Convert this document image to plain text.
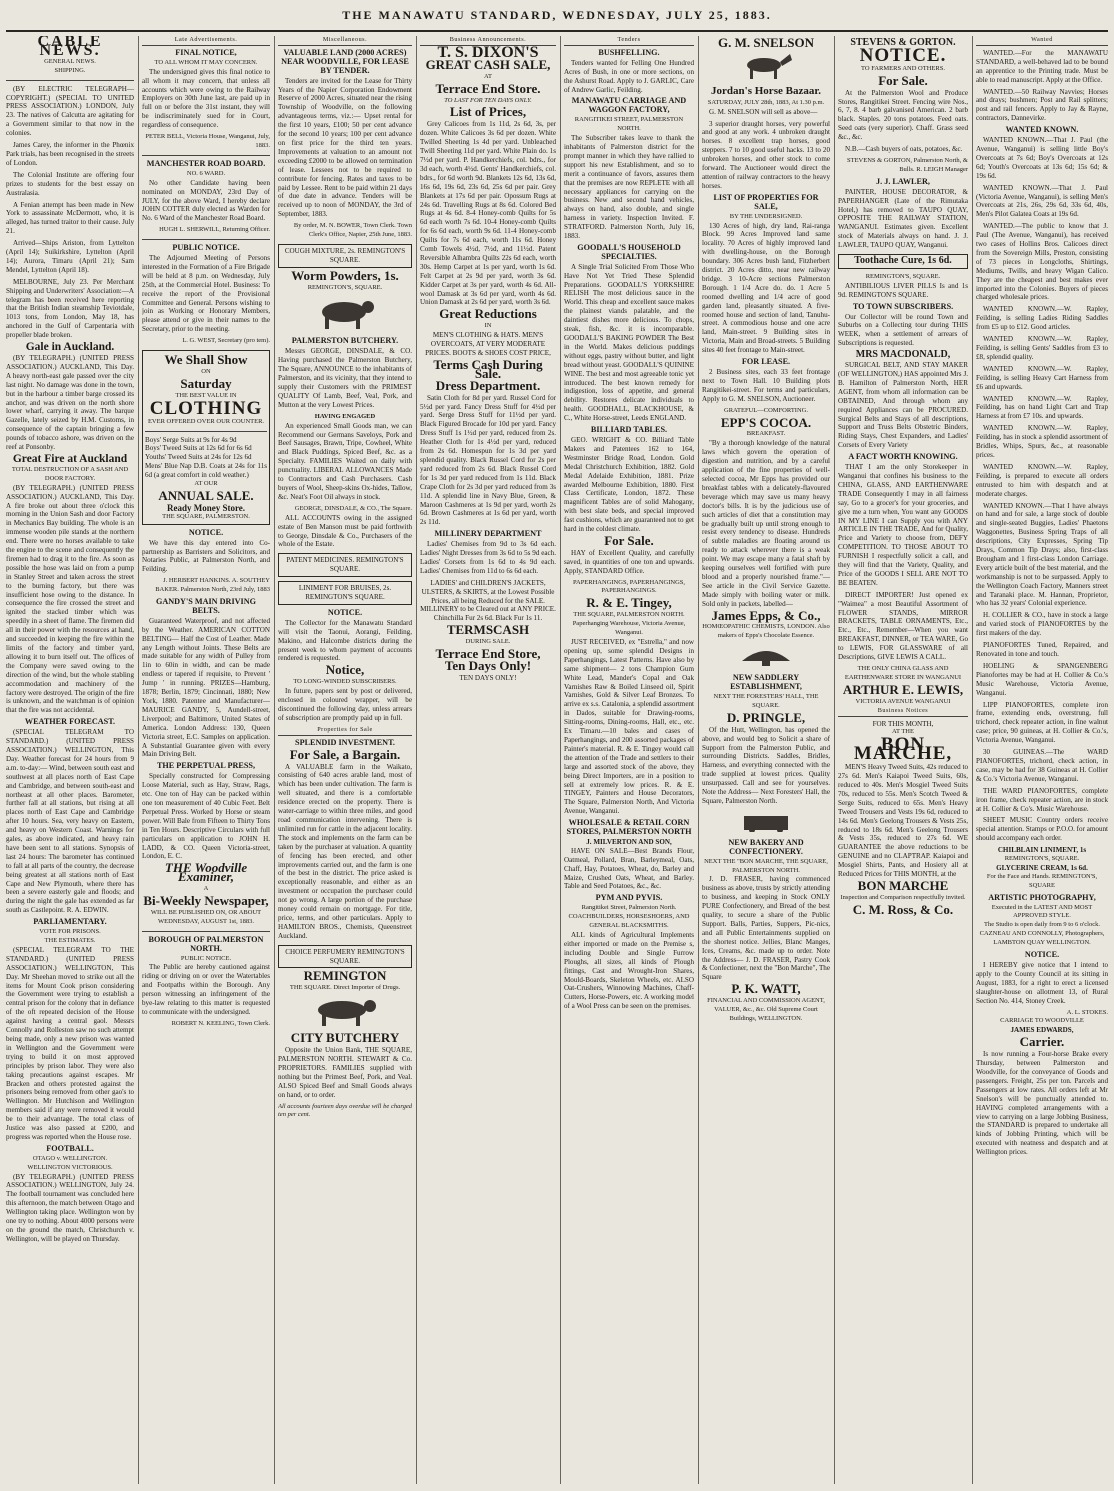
THE MANAWATU STANDARD, WEDNESDAY, JULY 25, 1883.
CABLE NEWS.
GENERAL NEWS.
SHIPPING.

(BY ELECTRIC TELEGRAPH—COPYRIGHT.) (SPECIAL TO UNITED PRESS ASSOCIATION.) LONDON, July 23. The natives of Calcutta are agitating for a Government similar to that now in the colonies.

James Carey, the informer in the Phœnix Park trials, has been recognised in the streets of London.

The Colonial Institute are offering four prizes to students for the best essay on Australasia.

A Fenian attempt has been made in New York to assassinate McDermott, who, it is alleged, has turned traitor to their cause. July 21.

Arrived—Ships Ariston, from Lyttelton (April 14); Suikirkshire, Lyttelton (April 14); Aurora, Timaru (April 21); Sam Mendel, Lyttelton (April 18).

MELBOURNE, July 23. Per Merchant Shipping and Underwriters' Association:—A telegram has been received here reporting that the British Indian steamship Teviotdale, 1013 tons, from London, May 18, has anchored in the Gulf of Carpentaria with propeller blade broken.

Gale in Auckland.

(BY TELEGRAPH.) (UNITED PRESS ASSOCIATION.) AUCKLAND, This Day. A heavy north-east gale passed over the city last night. No damage was done in the town, but in the harbour a timber barge crossed its anchor, and was driven on the north shore lower wharf, carrying it away. The barque Gazelle, lately seized by H.M. Customs, in consequence of the captain bringing a few pounds of tobacco ashore, was driven on the reef at Ponsonby.

Great Fire at Auckland
TOTAL DESTRUCTION OF A SASH AND DOOR FACTORY.

(BY TELEGRAPH.) (UNITED PRESS ASSOCIATION.) AUCKLAND, This Day. A fire broke out about three o'clock this morning in the Union Sash and door Factory in Mechanics Bay building. The whole is an immense wooden pile stands at the northern end. There were no horses available to take the engine to the scene and consequently the firemen had to drag it to the fire. As soon as possible the hose was laid on from a pump in Stanley Street and taken across the street to the burning factory, but there was insufficient hose owing to the distance. In consequence the fire crossed the street and ignited the stacked timber which was speedily in a sheet of flame. The firemen did all in their power with the resources at hand, and succeeded in keeping the fire within the limits of the factory and timber yard, allowing it to burn itself out. The offices of the Company were saved owing to the direction of the wind, but the whole stabling accommodation and machinery of the factory were destroyed. The origin of the fire is unknown, and the watchman is of opinion that the fire was not accidental.

WEATHER FORECAST.

(SPECIAL TELEGRAM TO STANDARD.) (UNITED PRESS ASSOCIATION.) WELLINGTON, This Day. Weather forecast for 24 hours from 9 a.m. to-day:— Wind, between south east and southwest at all places north of East Cape and Cambridge, and between south-east and northeast at all other places. Barometer, further fall at all stations, but rising at all places north of East Cape and Cambridge after 10 hours. Sea, very heavy on Eastern, and heavy on Western Coast. Warnings for gales, as above indicated, and heavy rain have been sent to all stations. Synopsis of last 24 hours: The barometer has continued to fall at all parts of the country, the decrease being greatest at all stations north of East Cape and New Plymouth, where there has been a severe easterly gale and floods; and during the night the gale has extended as far south as Castlepoint. R. A. EDWIN.

PARLIAMENTARY.
VOTE FOR PRISONS.
THE ESTIMATES.

(SPECIAL TELEGRAM TO THE STANDARD.) (UNITED PRESS ASSOCIATION.) WELLINGTON, This Day. Mr Sheehan moved to strike out all the items for Mount Cook prison considering the Government were trying to establish a central prison for the colony that in defiance of the oft repeated decision of the House against having a central gaol. Messrs Connolly and Rolleston saw no such attempt being made, only a new prison was wanted in Wellington and the Government were trying to build it on most approved principles by prison labor. They were also taking precautions against escapes. Mr Bracken and others protested against the prisoners being removed from other gao's to Wellington. Mr Hutchison and Wellington members said if any were removed it would be to their advantage. The total class of Justice was also passed at £200, and progress was reported when the House rose.

FOOTBALL.
OTAGO v. WELLINGTON.
WELLINGTON VICTORIOUS.

(BY TELEGRAPH.) (UNITED PRESS ASSOCIATION.) WELLINGTON, July 24. The football tournament was concluded here this afternoon, the match between Otago and Wellington taking place. Wellington won by one try to nothing. About 4000 persons were on the ground the match, Christchurch v. Wellington, will be played on Thursday.

Late Advertisements.
FINAL NOTICE,
TO ALL WHOM IT MAY CONCERN.

The undersigned gives this final notice to all whom it may concern, that unless all accounts which were owing to the Railway Employers on 30th June last, are paid up in full on or before the 31st instant, they will be indiscriminately sued for in Court, regardless of consequence.

PETER BELL, Victoria House, Wanganui, July, 1883.
MANCHESTER ROAD BOARD.
NO. 6 WARD.

No other Candidate having been nominated on MONDAY, 23rd Day of JULY, for the above Ward, I hereby declare JOHN COTTER duly elected as Warden for No. 6 Ward of the Manchester Road Board.

HUGH L. SHERWILL, Returning Officer.
PUBLIC NOTICE.

The Adjourned Meeting of Persons interested in the Formation of a Fire Brigade will be held at 8 p.m. on Wednesday, July 25th, at the Commercial Hotel. Business: To receive the report of the Provisional Committee and General. Persons wishing to join as Working or Honorary Members, please attend or give in their names to the Secretary, prior to the meeting.

L. G. WEST, Secretary (pro tem).
We Shall Show
ON
Saturday
THE BEST VALUE IN
CLOTHING
EVER OFFERED OVER OUR COUNTER.
Boys' Serge Suits at 9s for 4s 9d
Boys' Tweed Suits at 12s 6d for 6s 6d
Youths' Tweed Suits at 24s for 12s 6d
Mens' Blue Nap D.B. Coats at 24s for 11s 6d (a great comfort in cold weather.)
AT OUR
ANNUAL SALE.
Ready Money Store.
THE SQUARE, PALMERSTON.
NOTICE.

We have this day entered into Co-partnership as Barristers and Solicitors, and Notaries Public, at Palmerston North, and Feilding.

J. HERBERT HANKINS. A. SOUTHEY BAKER. Palmerston North, 23rd July, 1883
GANDY'S MAIN DRIVING BELTS.

Guaranteed Waterproof, and not affected by the Weather. AMERICAN COTTON BELTING— Half the Cost of Leather. Made any Length without Joints. These Belts are made suitable for any width of Pulley from 1in to 60in in width, and can be made endless or tapered if requisite, to Prevent ' Jump ' in running. PRIZES—Hamburg, 1878; Berlin, 1879; Cincinnati, 1880; New York, 1880. Patentee and Manufacturer—MAURICE GANDY, 5, Aundell-street, Liverpool; and Baltimore, United States of America. London Address: 130, Queen Victoria street, E.C. Samples on application. A Substantial Guarantee given with every Main Driving Belt.

THE PERPETUAL PRESS,

Specially constructed for Compressing Loose Material, such as Hay, Straw, Rags, etc. One ton of Hay can be packed within one ton measurement of 40 Cubic Feet. Belt Perpetual Press. Worked by Horse or steam power. Will Bale from Fifteen to Thirty Tons in Ten Hours. Descriptive Circulars with full particulars on application to JOHN H. LADD, & CO. Queen Victoria-street, London, E. C.

THE Woodville Examiner,
A
Bi-Weekly Newspaper,
WILL BE PUBLISHED ON, OR ABOUT WEDNESDAY, AUGUST 1st, 1883.
BOROUGH OF PALMERSTON NORTH.
PUBLIC NOTICE.

The Public are hereby cautioned against riding or driving on or over the Watertables and Footpaths within the Borough. Any person witnessing an infringement of the bye-law relating to this matter is requested to communicate with the undersigned.

ROBERT N. KEELING, Town Clerk.
Miscellaneous.
VALUABLE LAND (2000 ACRES) NEAR WOODVILLE, FOR LEASE BY TENDER.

Tenders are invited for the Lease for Thirty Years of the Napier Corporation Endowment Reserve of 2000 Acres, situated near the rising Township of Woodville, on the following advantageous terms, viz.:— Upset rental for the first 10 years, £100; 50 per cent advance for the second 10 years; 100 per cent advance on first price for the third ten years. Improvements at valuation to an amount not exceeding £2000 to be allowed on termination of lease. Lessees not to be required to contribute for fencing. Rates and taxes to be paid by Lessee. Rent to be paid within 21 days of due date in advance. Tenders will be received up to noon of MONDAY, the 3rd of September, 1883.

By order, M. N. BOWER, Town Clerk. Town Clerk's Office, Napier, 25th June, 1883.
COUGH MIXTURE, 2s. REMINGTON'S SQUARE.
Worm Powders, 1s.
REMINGTON'S, SQUARE.
PALMERSTON BUTCHERY.

Messrs GEORGE, DINSDALE, & CO. Having purchased the Palmerston Butchery, The Square, ANNOUNCE to the inhabitants of Palmerston, and its vicinity, that they intend to supply their Customers with the PRIMEST QUALITY Of Lamb, Beef, Veal, Pork, and Mutton at the very Lowest Prices.

HAVING ENGAGED

An experienced Small Goods man, we can Recommend our Germans Saveloys, Pork and Beef Sausages, Brawn, Tripe, Cowheel, White and Black Puddings, Spiced Beef, &c. as a Specialty. FAMILIES Waited on daily with punctuality. LIBERAL ALLOWANCES Made to Contractors and Cash Purchasers. Cash buyers of Wool, Sheep-skins Ox-hides, Tallow, &c. Neat's Foot Oil always in stock.

GEORGE, DINSDALE, & CO., The Square.

ALL ACCOUNTS owing in the assigned estate of Ben Manson must be paid forthwith to George, Dinsdale & Co., Purchasers of the whole of the Estate.

PATENT MEDICINES. REMINGTON'S SQUARE.
LINIMENT FOR BRUISES, 2s. REMINGTON'S SQUARE.
NOTICE.

The Collector for the Manawatu Standard will visit the Taonui, Aorangi, Feilding, Makino, and Halcombe districts during the present week to whom payment of accounts rendered is requested.

Notice,
TO LONG-WINDED SUBSCRIBERS.

In future, papers sent by post or delivered, enclosed in coloured wrapper, will be discontinued the following day, unless arrears of subscription are promptly paid up in full.

Properties for Sale
SPLENDID INVESTMENT.
For Sale, a Bargain.

A VALUABLE farm in the Waikato, consisting of 640 acres arable land, most of which has been under cultivation. The farm is well situated, and there is a comfortable residence erected on the property. There is water-carriage to within three miles, and good road communication intervening. There is unlimited run for cattle in the adjacent locality. The stock and implements on the farm can be taken by the purchaser at valuation. A quantity of fencing has been erected, and other improvements carried out, and the farm is one of the best in the district. The price asked is exceptionally reasonable, and either as an investment or occupation the purchaser could not go wrong. A large portion of the purchase money could remain on mortgage. For title, price, terms, and other particulars. Apply to HAMILTON BROS., Chemists, Queenstreet Auckland.

CHOICE PERFUMERY REMINGTON'S SQUARE.
REMINGTON
THE SQUARE. Direct Importer of Drugs.
CITY BUTCHERY

Opposite the Union Bank, THE SQUARE, PALMERSTON NORTH. STEWART & Co. PROPRIETORS. FAMILIES supplied with nothing but the Primest Beef, Pork, and Veal. ALSO Spiced Beef and Small Goods always on hand, or to order.

All accounts fourteen days overdue will be charged ten per cent.
Business Announcements.
T. S. DIXON'S
GREAT CASH SALE,
AT
Terrace End Store.
TO LAST FOR TEN DAYS ONLY.
List of Prices,

Grey Calicoes from 1s 11d, 2s 6d, 3s, per dozen. White Calicoes 3s 6d per dozen. White Twilled Sheeting 1s 4d per yard. Unbleached Twill Sheeting 11d per yard. White Plain do. 1s 7½d per yard. P. Handkerchiefs, col. bdrs., for 3d each, worth 4½d. Gents' Handkerchiefs, col. bdrs., for 6d worth 9d. Blankets 12s 6d, 13s 6d, 16s 6d, 19s 6d, 23s 6d, 25s 6d per pair. Grey Blankets at 17s 6d per pair. Opossum Rugs at 24s 6d. Travelling Rugs at 8s 6d. Colored Bed Rugs at 4s 6d. 8-4 Honey-comb Quilts for 5s 6d each worth 7s 6d. 10-4 Honey-comb Quilts for 6s 6d each, worth 9s 6d. 11-4 Honey-comb Quilts for 7s 6d each, worth 11s 6d. Honey Comb Towels 4½d, 7½d, and 11½d. Patent Reversible Alhambra Quilts 22s 6d each, worth 30s. Hemp Carpet at 1s per yard, worth 1s 6d. Felt Carpet at 2s 9d per yard, worth 3s 6d. Kidder Carpet at 3s per yard, worth 4s 6d. All-wool Damask at 3s 6d per yard, worth 4s 6d. Union Damask at 2s 6d per yard, worth 3s 6d.

Great Reductions
IN
MEN'S CLOTHING & HATS. MEN'S OVERCOATS, AT VERY MODERATE PRICES. BOOTS & SHOES COST PRICE,
Terms Cash During Sale.
Dress Department.

Satin Cloth for 8d per yard. Russel Cord for 5½d per yard. Fancy Dress Stuff for 4½d per yard. Serge Dress Stuff for 11½d per yard. Black Figured Brocade for 10d per yard. Fancy Dress Stuff 1s 1½d per yard, reduced from 2s. Heather Cloth for 1s 4½d per yard, reduced from 2s 6d. Homespun for 1s 3d per yard splendid quality. Black Russel Cord for 2s per yard reduced from 2s 6d. Black Russel Cord for 1s 3d per yard reduced from 1s 11d. Black Crape Cloth for 2s 3d per yard reduced from 3s 11d. A splendid line in Navy Blue, Green, & Maroon Cashmeres at 1s 9d per yard, worth 2s 6d. Brown Cashmeres at 1s 6d per yard, worth 2s 11d.

MILLINERY DEPARTMENT

Ladies' Chemises from 9d to 3s 6d each. Ladies' Night Dresses from 3s 6d to 5s 9d each. Ladies' Corsets from 1s 6d to 4s 9d each. Ladies' Chemises from 11d to 6s 6d each.

LADIES' and CHILDREN'S JACKETS, ULSTERS, & SKIRTS, at the Lowest Possible Prices, all being Reduced for the SALE.
MILLINERY to be Cleared out at ANY PRICE.
Chinchilla Fur 2s 6d. Black Fur 1s 11.
TERMSCASH
DURING SALE.
Terrace End Store,
Ten Days Only!
TEN DAYS ONLY!
Tenders
BUSHFELLING.

Tenders wanted for Felling One Hundred Acres of Bush, in one or more sections, on the Ashurst Road. Apply to J. GARLIC, Care of Andrew Garlic, Feilding.

MANAWATU CARRIAGE AND WAGGON FACTORY,
RANGITIKEI STREET, PALMERSTON NORTH.

The Subscriber takes leave to thank the inhabitants of Palmerston district for the prompt manner in which they have rallied to support his new Establishment, and so to merit a continuance of favors, assures them that the premises are now REPLETE with all necessary appliances for carrying on the business. New and second hand vehicles, always on hand, also double, and single harness in variety. Inspection Invited. F. STRATFORD. Palmerston North, July 16, 1883.

GOODALL'S HOUSEHOLD SPECIALTIES.

A Single Trial Solicited From Those Who Have Not Yet Tried These Splendid Preparations. GOODALL'S YORKSHIRE RELISH The most delicious sauce in the World. This cheap and excellent sauce makes the plainest viands palatable, and the daintiest dishes more delicious. To chops, steak, fish, &c. it is incomparable. GOODALL'S BAKING POWDER The Best in the World. Makes delicious puddings without eggs, pastry without butter, and light bread without yeast. GOODALL'S QUININE WINE. The best and most agreeable tonic yet introduced. The best known remedy for indigestion, loss of appetite, and general debility. Restores delicate individuals to health. GOODHALL, BLACKHOUSE, & C., White Horse-street, Leeds ENGLAND.

BILLIARD TABLES.

GEO. WRIGHT & CO. Billiard Table Makers and Patentees 162 to 164, Westminster Bridge Road, London. Gold Medal Christchurch Exhibition, 1882. Gold Medal Adelaide Exhibition, 1881. Prize awarded Melbourne Exhibition, 1880. First Class Certificate, London, 1872. These magnificent Tables are of solid Mahogany, with best slate beds, and special improved fast cushions, which are guaranteed not to get hard in the coldest climate.

For Sale.

HAY of Excellent Quality, and carefully saved, in quantities of one ton and upwards. Apply, STANDARD Office.

PAPERHANGINGS, PAPERHANGINGS, PAPERHANGINGS.
R. & E. Tingey,
THE SQUARE, PALMERSTON NORTH.
Paperhanging Warehouse, Victoria Avenue, Wanganui.

JUST RECEIVED, ex "Estrella," and now opening up, some splendid Designs in Paperhangings, Latest Patterns. Have also by same shipment— 2 tons Champion Gum White Lead, Mander's Copal and Oak Varnishes Raw & Boiled Linseed oil, Spirit Varnishes, Gold & Silver Leaf Bronzes. To arrive ex s.s. Catalonia, a splendid assortment in Dados, suitable for Drawing-rooms, Sitting-rooms, Dining-rooms, Hall, etc., etc. Ex Timaru.—10 bales and cases of Paperhangings, and 200 assorted packages of Painter's material. R. & E. Tingey would call the attention of the Trade and settlers to their large and assorted stock of the above, they being Direct Importers, are in a position to sell at extremely low prices. R. & E. TINGEY, Painters and House Decorators, The Square, Palmerston North, And Victoria Avenue, Wanganui.

WHOLESALE & RETAIL CORN STORES, PALMERSTON NORTH
J. MILVERTON AND SON,

HAVE ON SALE—Best Brands Flour, Oatmeal, Pollard, Bran, Barleymeal, Oats, Chaff, Hay, Potatoes, Wheat, do, Barley and Maize, Crushed Oats, Wheat, and Barley. Table and Seed Potatoes, &c., &c.

PYM AND PYVIS.
Rangitikei Street, Palmerston North. COACHBUILDERS, HORSESHOERS, AND GENERAL BLACKSMITHS.

ALL kinds of Agricultural Implements either imported or made on the Premise s, including Double and Single Furrow Ploughs, all sizes, all kinds of Plough fittings, Cast and Wrought-Iron Shares, Mould-Boards, Skeleton Wheels, etc. ALSO Oat-Crushers, Winnowing Machines, Chaff-Cutters, Horse-Powers, etc. A working model of a Wool Press can be seen on the premises.

G. M. SNELSON
Jordan's Horse Bazaar.
SATURDAY, JULY 28th, 1883, At 1.30 p.m.

G. M. SNELSON will sell as above—

3 superior draught horses, very powerful and good at any work. 4 unbroken draught horses. 8 excellent trap horses, good steppers. 7 to 10 good useful hacks. 13 to 20 unbroken horses, and other stock to come forward. The Auctioneer would direct the attention of railway contractors to the heavy horses.

LIST OF PROPERTIES FOR SALE,
BY THE UNDERSIGNED.

130 Acres of high, dry land, Rai-ranga Block. 99 Acres Improved land same locality. 70 Acres of highly improved land with dwelling-house, on the Borough boundary. 306 Acres bush land, Fitzherbert district. 20 Acres ditto, near new railway bridge. 3 10-Acre sections Palmerston Borough. 1 1/4 Acre do. do. 1 Acre 5 roomed dwelling and 1/4 acre of good garden land, pleasantly situated. A five-roomed house and section of land, Tanuhu-street. A commodious house and one acre land, Main-street. 9 Building sites in Victoria, Main and Broad-streets. 5 Building sites 40 feet frontage to Main-street.

FOR LEASE.

2 Business sites, each 33 feet frontage next to Town Hall. 10 Building plots Rangitikei-street. For terms and particulars, Apply to G. M. SNELSON, Auctioneer.

GRATEFUL—COMFORTING.
EPP'S COCOA.
BREAKFAST.

"By a thorough knowledge of the natural laws which govern the operation of digestion and nutrition, and by a careful application of the fine properties of well-selected cocoa, Mr Epps has provided our breakfast tables with a delicately-flavoured beverage which may save us many heavy doctor's bills. It is by the judicious use of such articles of diet that a constitution may be gradually built up until strong enough to resist every tendency to disease. Hundreds of subtle maladies are floating around us ready to attack wherever there is a weak point. We may escape many a fatal shaft by keeping ourselves well fortified with pure blood and a properly nourished frame."—See article in the Civil Service Gazette. Made simply with boiling water or milk. Sold only in packets, labelled—

James Epps, & Co.,
HOMŒOPATHIC CHEMISTS, LONDON. Also makers of Epps's Chocolate Essence.
NEW SADDLERY ESTABLISHMENT,
NEXT THE FORESTERS' HALL, THE SQUARE.
D. PRINGLE,

Of the Hutt, Wellington, has opened the above, and would beg to Solicit a share of Support from the Palmerston Public, and surrounding Districts. Saddles, Bridles, Harness, and everything connected with the trade supplied at lowest prices. Quality unsurpassed. Call and see for yourselves. Note the Address— Next Foresters' Hall, the Square, Palmerston North.

NEW BAKERY AND CONFECTIONERY.
NEXT THE "BON MARCHE, THE SQUARE, PALMERSTON NORTH.

J. D. FRASER, having commenced business as above, trusts by strictly attending to business, and keeping in Stock ONLY PURE Confectionery, and Bread of the best quality, to secure a share of the Public Support. Balls, Parties, Suppers, Pic-nics, and all Public Entertainments supplied on the shortest notice. Jellies, Blanc Manges, Ices, Creams, &c. made up to order. Note the Address— J. D. FRASER, Pastry Cook & Confectioner, next the "Bon Marche", The Square

P. K. WATT,
FINANCIAL AND COMMISSION AGENT, VALUER, &c., &c. Old Supreme Court Buildings, WELLINGTON.
STEVENS & GORTON.
NOTICE.
TO FARMERS AND OTHERS.
For Sale.

At the Palmerston Wool and Produce Stores, Rangitikei Street. Fencing wire Nos., 6, 7, 8. 4 barb galvanised American. 2 barb black. Staples. 20 tons potatoes. Feed oats. Seed oats (very superior). Chaff. Grass seed &c., &c.

N.B.—Cash buyers of oats, potatoes, &c.

STEVENS & GORTON, Palmerston North, & Bulls. R. LEIGH Manager
J. J. LAWLER,

PAINTER, HOUSE DECORATOR, & PAPERHANGER (Late of the Rimutaka Hotel,) has removed to TAUPO QUAY, OPPOSITE THE RAILWAY STATION, WANGANUI. Estimates given. Excellent stock of Materials always on hand. J. J. LAWLER, TAUPO QUAY, Wanganui.

Toothache Cure, 1s 6d.
REMINGTON'S, SQUARE.

ANTIBILIOUS LIVER PILLS Is and 1s 9d. REMINGTON'S SQUARE.

TO TOWN SUBSCRIBERS.

Our Collector will be round Town and Suburbs on a Collecting tour during THIS WEEK, when a settlement of arrears of Subscriptions is requested.

MRS MACDONALD,

SURGICAL BELT, AND STAY MAKER (OF WELLINGTON,) HAS appointed Mrs J. B. Hamilton of Palmerston North, HER AGENT, from whom all information can be OBTAINED, And through whom any required Appliances can be PROCURED. Surgical Belts and Stays of all descriptions, Support and Truss Belts Obstetric Binders, Riding Stays, Chest Expanders, and Ladies' Corsets of Every Variety

A FACT WORTH KNOWING.

THAT I am the only Storekeeper in Wanganui that confines his business to the CHINA, GLASS, AND EARTHENWARE TRADE Consequently I may in all fairness say, Go to a grocer's for your groceries, and give me a turn when, You want any GOODS IN MY LINE I can Supply you with ANY ARTICLE IN THE TRADE, And for Quality, Price and Variety to choose from, DEFY COMPETITION. TO THOSE ABOUT TO FURNISH I respectfully solicit a call, and they will find that the Variety, Quality, and Price of the GOODS I SELL ARE NOT TO BE BEATEN.

DIRECT IMPORTER! Just opened ex "Waimea" a most Beautiful Assortment of FLOWER STANDS, MIRROR BRACKETS, TABLE ORNAMENTS, Etc., Etc., Etc., Remember—When you want BREAKFAST, DINNER, or TEA WARE, Go to LEWIS, FOR GLASSWARE of all Descriptions, GIVE LEWIS A CALL.

THE ONLY CHINA GLASS AND EARTHENWARE STORE IN WANGANUI
ARTHUR E. LEWIS,
VICTORIA AVENUE WANGANUI
Business Notices
FOR THIS MONTH,
AT THE
BON MARCHE,

MEN'S Heavy Tweed Suits, 42s reduced to 27s 6d. Men's Kaiapoi Tweed Suits, 60s, reduced to 40s. Men's Mosgiel Tweed Suits 70s, reduced to 55s. Men's Scotch Tweed & Serge Suits, reduced to 65s. Men's Heavy Tweed Trousers and Vests 19s 6d, reduced to 14s 6d. Men's Geelong Trousers & Vests 25s, reduced to 18s 6d. Men's Geelong Trousers & Vests 35s, reduced to 27s 6d. WE GUARANTEE the above reductions to be GENUINE and no CLAPTRAP. Kaiapoi and Mosgiel Shirts, Pants, and Hosiery all at Reduced Prices for THIS MONTH, at the

BON MARCHE
Inspection and Comparison respectfully invited.
C. M. Ross, & Co.
Wanted

WANTED.—For the MANAWATU STANDARD, a well-behaved lad to be bound an apprentice to the Printing trade. Must be able to read manuscript. Apply at the Office.

WANTED.—50 Railway Navvies; Horses and drays; bushmen; Post and Rail splitters; post and rail fencers. Apply to Jay & Rayne, contractors, Dannevirke.

WANTED KNOWN.

WANTED KNOWN.—That J. Paul (the Avenue, Wanganui) is selling little Boy's Overcoats at 7s 6d; Boy's Overcoats at 12s 6d; Youth's Overcoats at 13s 6d; 15s 6d; & 19s 6d.

WANTED KNOWN.—That J. Paul (Victoria Avenue, Wanganui), is selling Men's Overcoats at 21s, 26s, 29s 6d, 33s 6d, 40s, Men's Pilot Galatea Coats at 19s 6d.

WANTED.—The public to know that J. Paul (The Avenue, Wanganui), has received two cases of Hollins Bros. Calicoes direct from the Sovereign Mills, Preston, consisting of 73 pieces in Longcloths, Shirtings, Mediums, Twills, and heavy Wigan Calico. They are the cheapest and best makes ever imported into the Colonies. Buyers of pieces charged wholesale prices.

WANTED KNOWN.—W. Rapley, Feilding, is selling Ladies Riding Saddles from £5 up to £12. Good articles.

WANTED KNOWN.—W. Rapley, Feilding, is selling Gents' Saddles from £3 to £8, splendid quality.

WANTED KNOWN.—W. Rapley, Feilding, is selling Heavy Cart Harness from £6 and upwards.

WANTED KNOWN.—W. Rapley, Feilding, has on hand Light Cart and Trap Harness at from £7 10s. and upwards.

WANTED KNOWN.—W. Rapley, Feilding, has in stock a splendid assortment of Bridles, Whips, Spurs, &c., at reasonable prices.

WANTED KNOWN.—W. Rapley, Feilding, is prepared to execute all orders entrusted to him with despatch and at moderate charges.

WANTED KNOWN.—That I have always on hand and for sale, a large stock of double and single-seated Buggies, Ladies' Phaetons Waggonettes, Business Spring Traps of all descriptions, City Expresses, Spring Tip Drays, Common Tip Drays; also, first-class Brougham and 1 first-class London Carriage. Every article built of the best material, and the workmanship is not to be surpassed. Apply to the Wellington Coach Factory, Manners street and Taranaki place. M. Hannan, Proprietor, who has 32 years' Colonial experience.

H. COLLIER & CO., have in stock a large and varied stock of PIANOFORTES by the first makers of the day.

PIANOFORTES Tuned, Repaired, and Renovated in tone and touch.

HOELING & SPANGENBERG Pianofortes may be had at H. Collier & Co.'s Music Warehouse, Victoria Avenue, Wanganui.

LIPP PIANOFORTES, complete iron frame, extending ends, overstrung, full trichord, check repeater action, in fine walnut case; price, 90 guineas, at H. Collier & Co.'s, Victoria Avenue, Wanganui.

30 GUINEAS.—The WARD PIANOFORTES, trichord, check action, in case, may be had for 38 Guineas at H. Collier & Co.'s Victoria Avenue, Wanganui.

THE WARD PIANOFORTES, complete iron frame, check repeater action, are in stock at H. Collier & Co's. Music Warehouse.

SHEET MUSIC Country orders receive special attention. Stamps or P.O.O. for amount should accompany each order.

CHILBLAIN LINIMENT, 1s
REMINGTON'S, SQUARE.
GLYCERINE CREAM, 1s 6d.
For the Face and Hands. REMINGTON'S, SQUARE
ARTISTIC PHOTOGRAPHY,
Executed in the LATEST AND MOST APPROVED STYLE.
The Studio is open daily from 9 to 6 o'clock.
CAZNEAU AND CONNOLLY, Photographers, LAMBTON QUAY WELLINGTON.
NOTICE.

I HEREBY give notice that I intend to apply to the County Council at its sitting in August, 1883, for a right to erect a licensed slaughter-house on allotment 13, of Rural Section No. 414, Stoney Creek.

A. L. STOKES.
CARRIAGE TO WOODVILLE
JAMES EDWARDS,
Carrier.

Is now running a Four-horse Brake every Thursday, between Palmerston and Woodville, for the conveyance of Goods and passengers. Freight, 25s per ton. Parcels and Passengers at low rates. All orders left at Mr Snelson's will be punctually attended to. HAVING completed arrangements with a view to carrying on a large Jobbing Business, the STANDARD is prepared to undertake all kinds of Jobbing Printing, which will be executed with neatness and despatch and at Wellington prices.
